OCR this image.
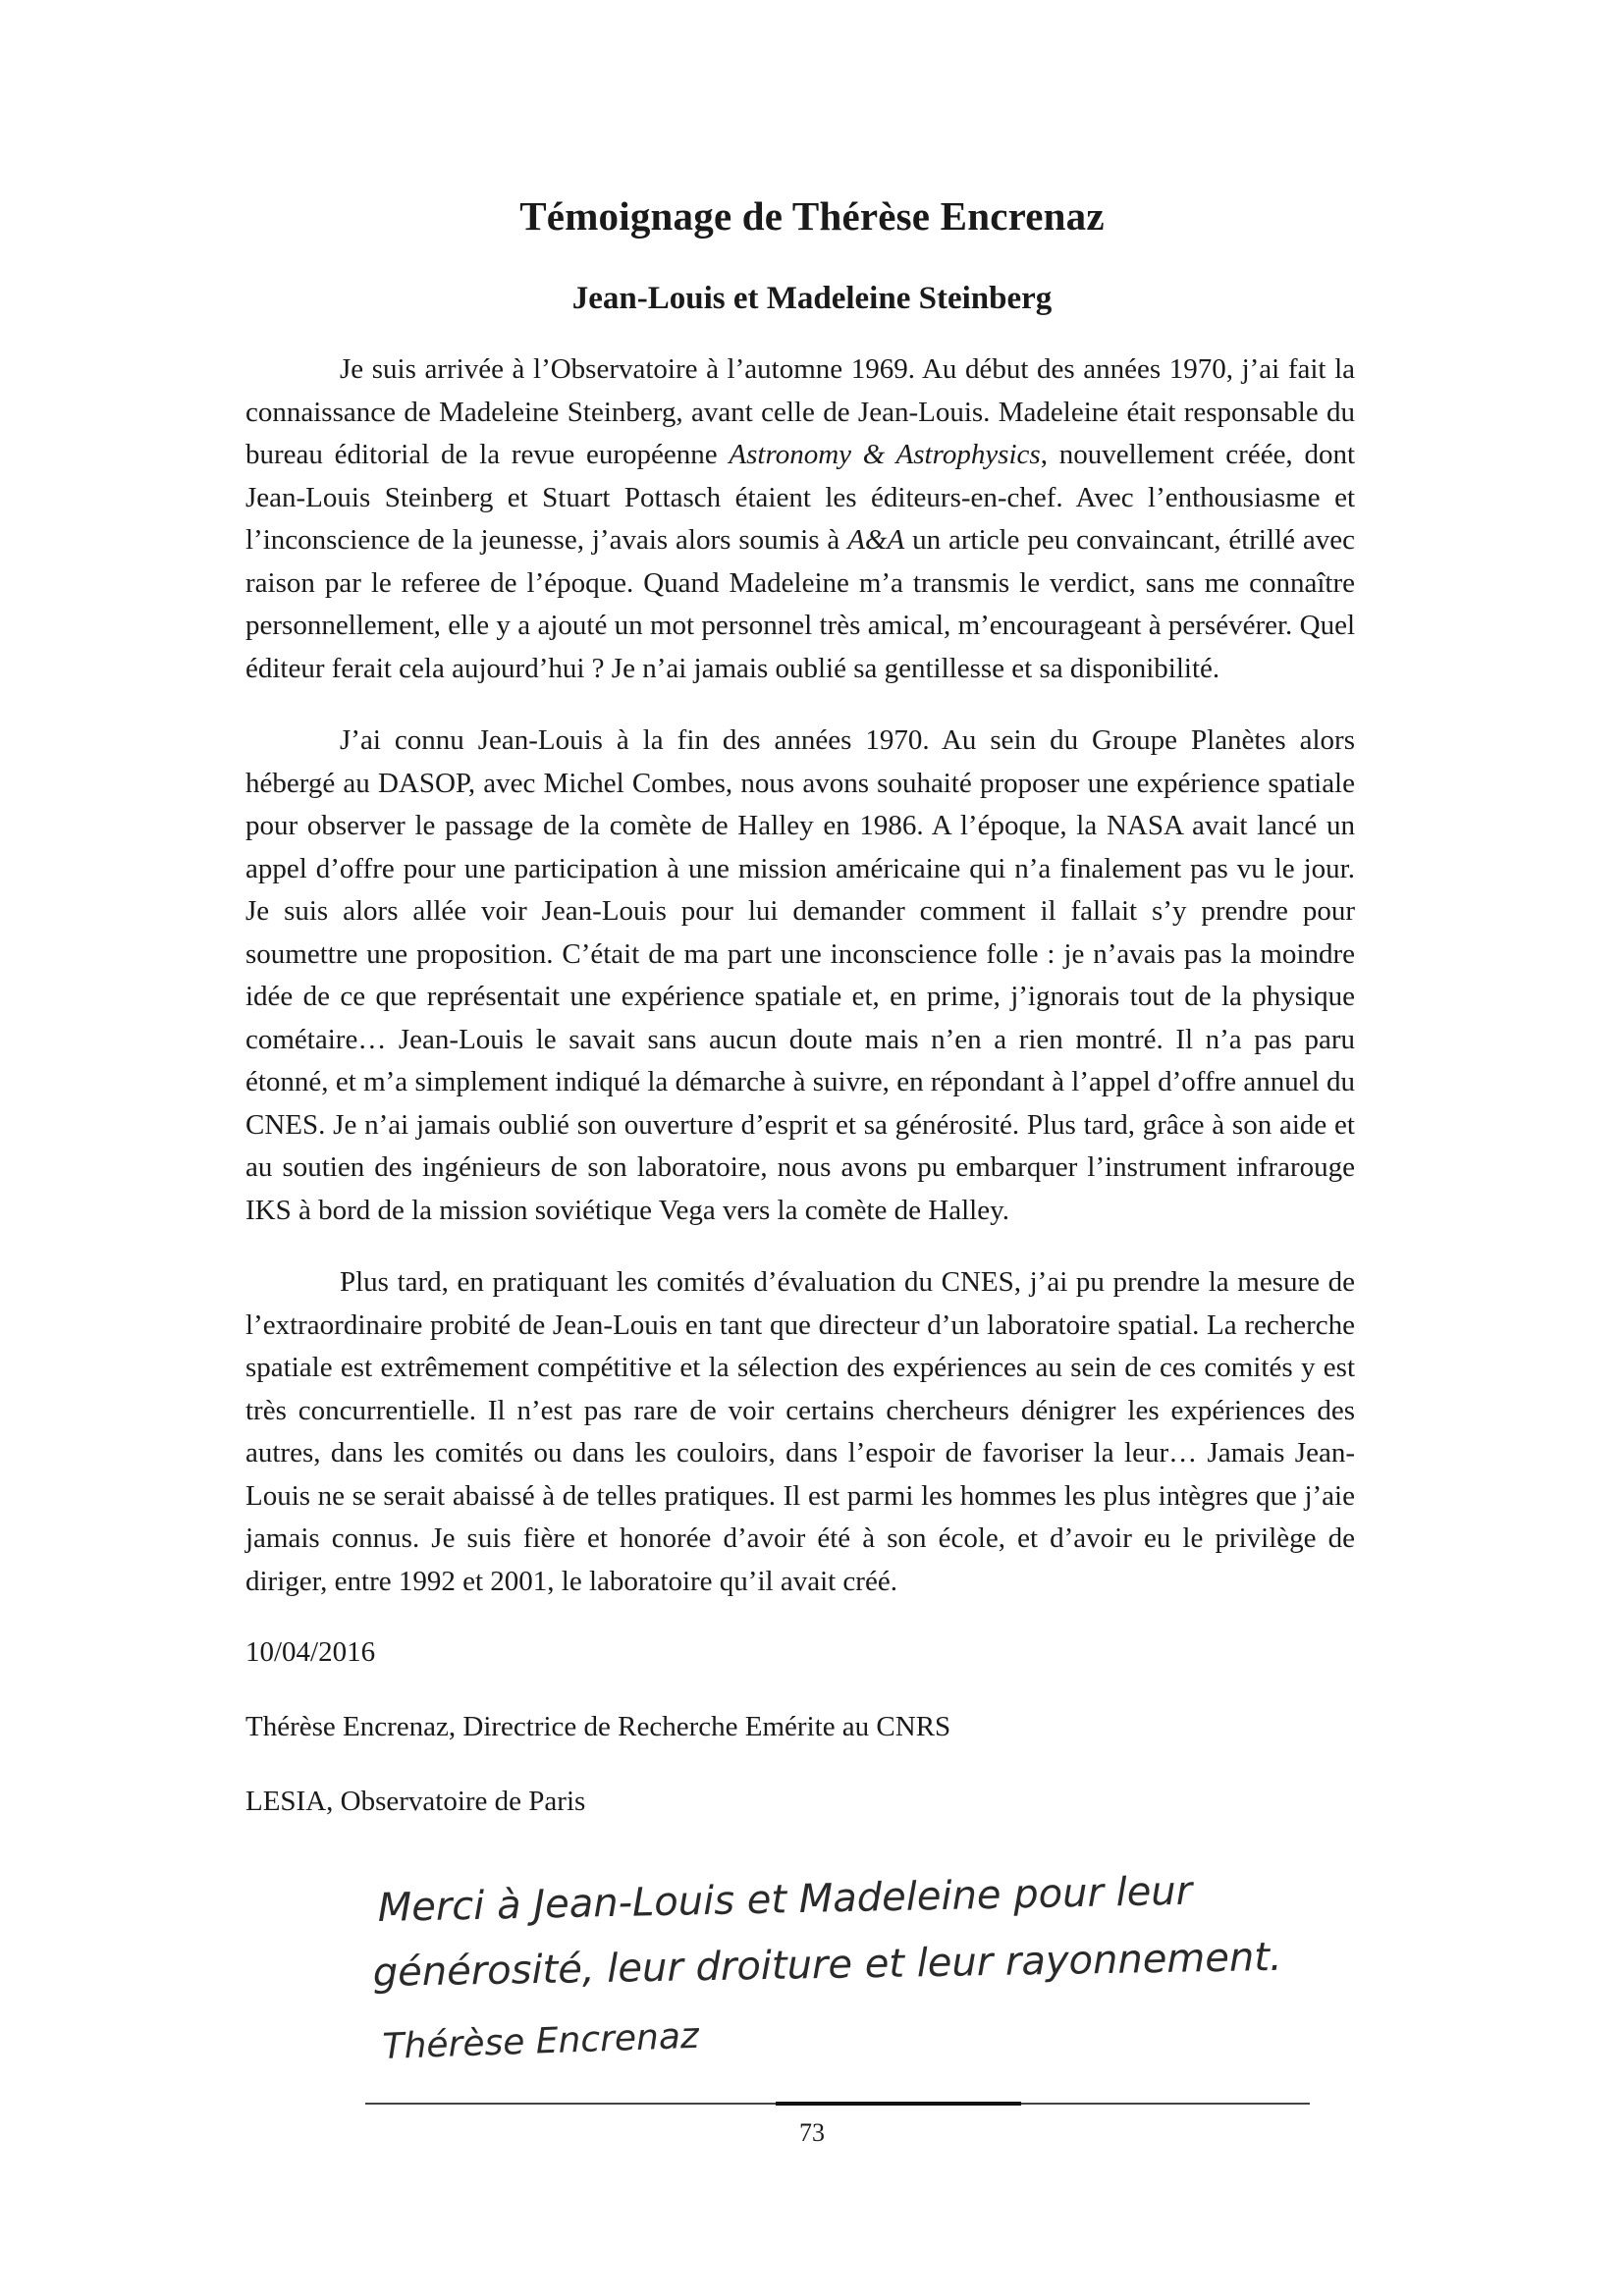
Témoignage de Thérèse Encrenaz
Jean-Louis et Madeleine Steinberg

Je suis arrivée à l’Observatoire à l’automne 1969. Au début des années 1970, j’ai fait la connaissance de Madeleine Steinberg, avant celle de Jean-Louis. Madeleine était responsable du bureau éditorial de la revue européenne Astronomy & Astrophysics, nouvellement créée, dont Jean-Louis Steinberg et Stuart Pottasch étaient les éditeurs-en-chef. Avec l’enthousiasme et l’inconscience de la jeunesse, j’avais alors soumis à A&A un article peu convaincant, étrillé avec raison par le referee de l’époque. Quand Madeleine m’a transmis le verdict, sans me connaître personnellement, elle y a ajouté un mot personnel très amical, m’encourageant à persévérer. Quel éditeur ferait cela aujourd’hui ? Je n’ai jamais oublié sa gentillesse et sa disponibilité.

J’ai connu Jean-Louis à la fin des années 1970. Au sein du Groupe Planètes alors hébergé au DASOP, avec Michel Combes, nous avons souhaité proposer une expérience spatiale pour observer le passage de la comète de Halley en 1986. A l’époque, la NASA avait lancé un appel d’offre pour une participation à une mission américaine qui n’a finalement pas vu le jour. Je suis alors allée voir Jean-Louis pour lui demander comment il fallait s’y prendre pour soumettre une proposition. C’était de ma part une inconscience folle : je n’avais pas la moindre idée de ce que représentait une expérience spatiale et, en prime, j’ignorais tout de la physique cométaire… Jean-Louis le savait sans aucun doute mais n’en a rien montré. Il n’a pas paru étonné, et m’a simplement indiqué la démarche à suivre, en répondant à l’appel d’offre annuel du CNES. Je n’ai jamais oublié son ouverture d’esprit et sa générosité. Plus tard, grâce à son aide et au soutien des ingénieurs de son laboratoire, nous avons pu embarquer l’instrument infrarouge IKS à bord de la mission soviétique Vega vers la comète de Halley.

Plus tard, en pratiquant les comités d’évaluation du CNES, j’ai pu prendre la mesure de l’extraordinaire probité de Jean-Louis en tant que directeur d’un laboratoire spatial. La recherche spatiale est extrêmement compétitive et la sélection des expériences au sein de ces comités y est très concurrentielle. Il n’est pas rare de voir certains chercheurs dénigrer les expériences des autres, dans les comités ou dans les couloirs, dans l’espoir de favoriser la leur… Jamais Jean-Louis ne se serait abaissé à de telles pratiques. Il est parmi les hommes les plus intègres que j’aie jamais connus. Je suis fière et honorée d’avoir été à son école, et d’avoir eu le privilège de diriger, entre 1992 et 2001, le laboratoire qu’il avait créé.

10/04/2016

Thérèse Encrenaz, Directrice de Recherche Emérite au CNRS

LESIA, Observatoire de Paris

Merci à Jean-Louis et Madeleine pour leur
générosité, leur droiture et leur rayonnement.
Thérèse Encrenaz
73
